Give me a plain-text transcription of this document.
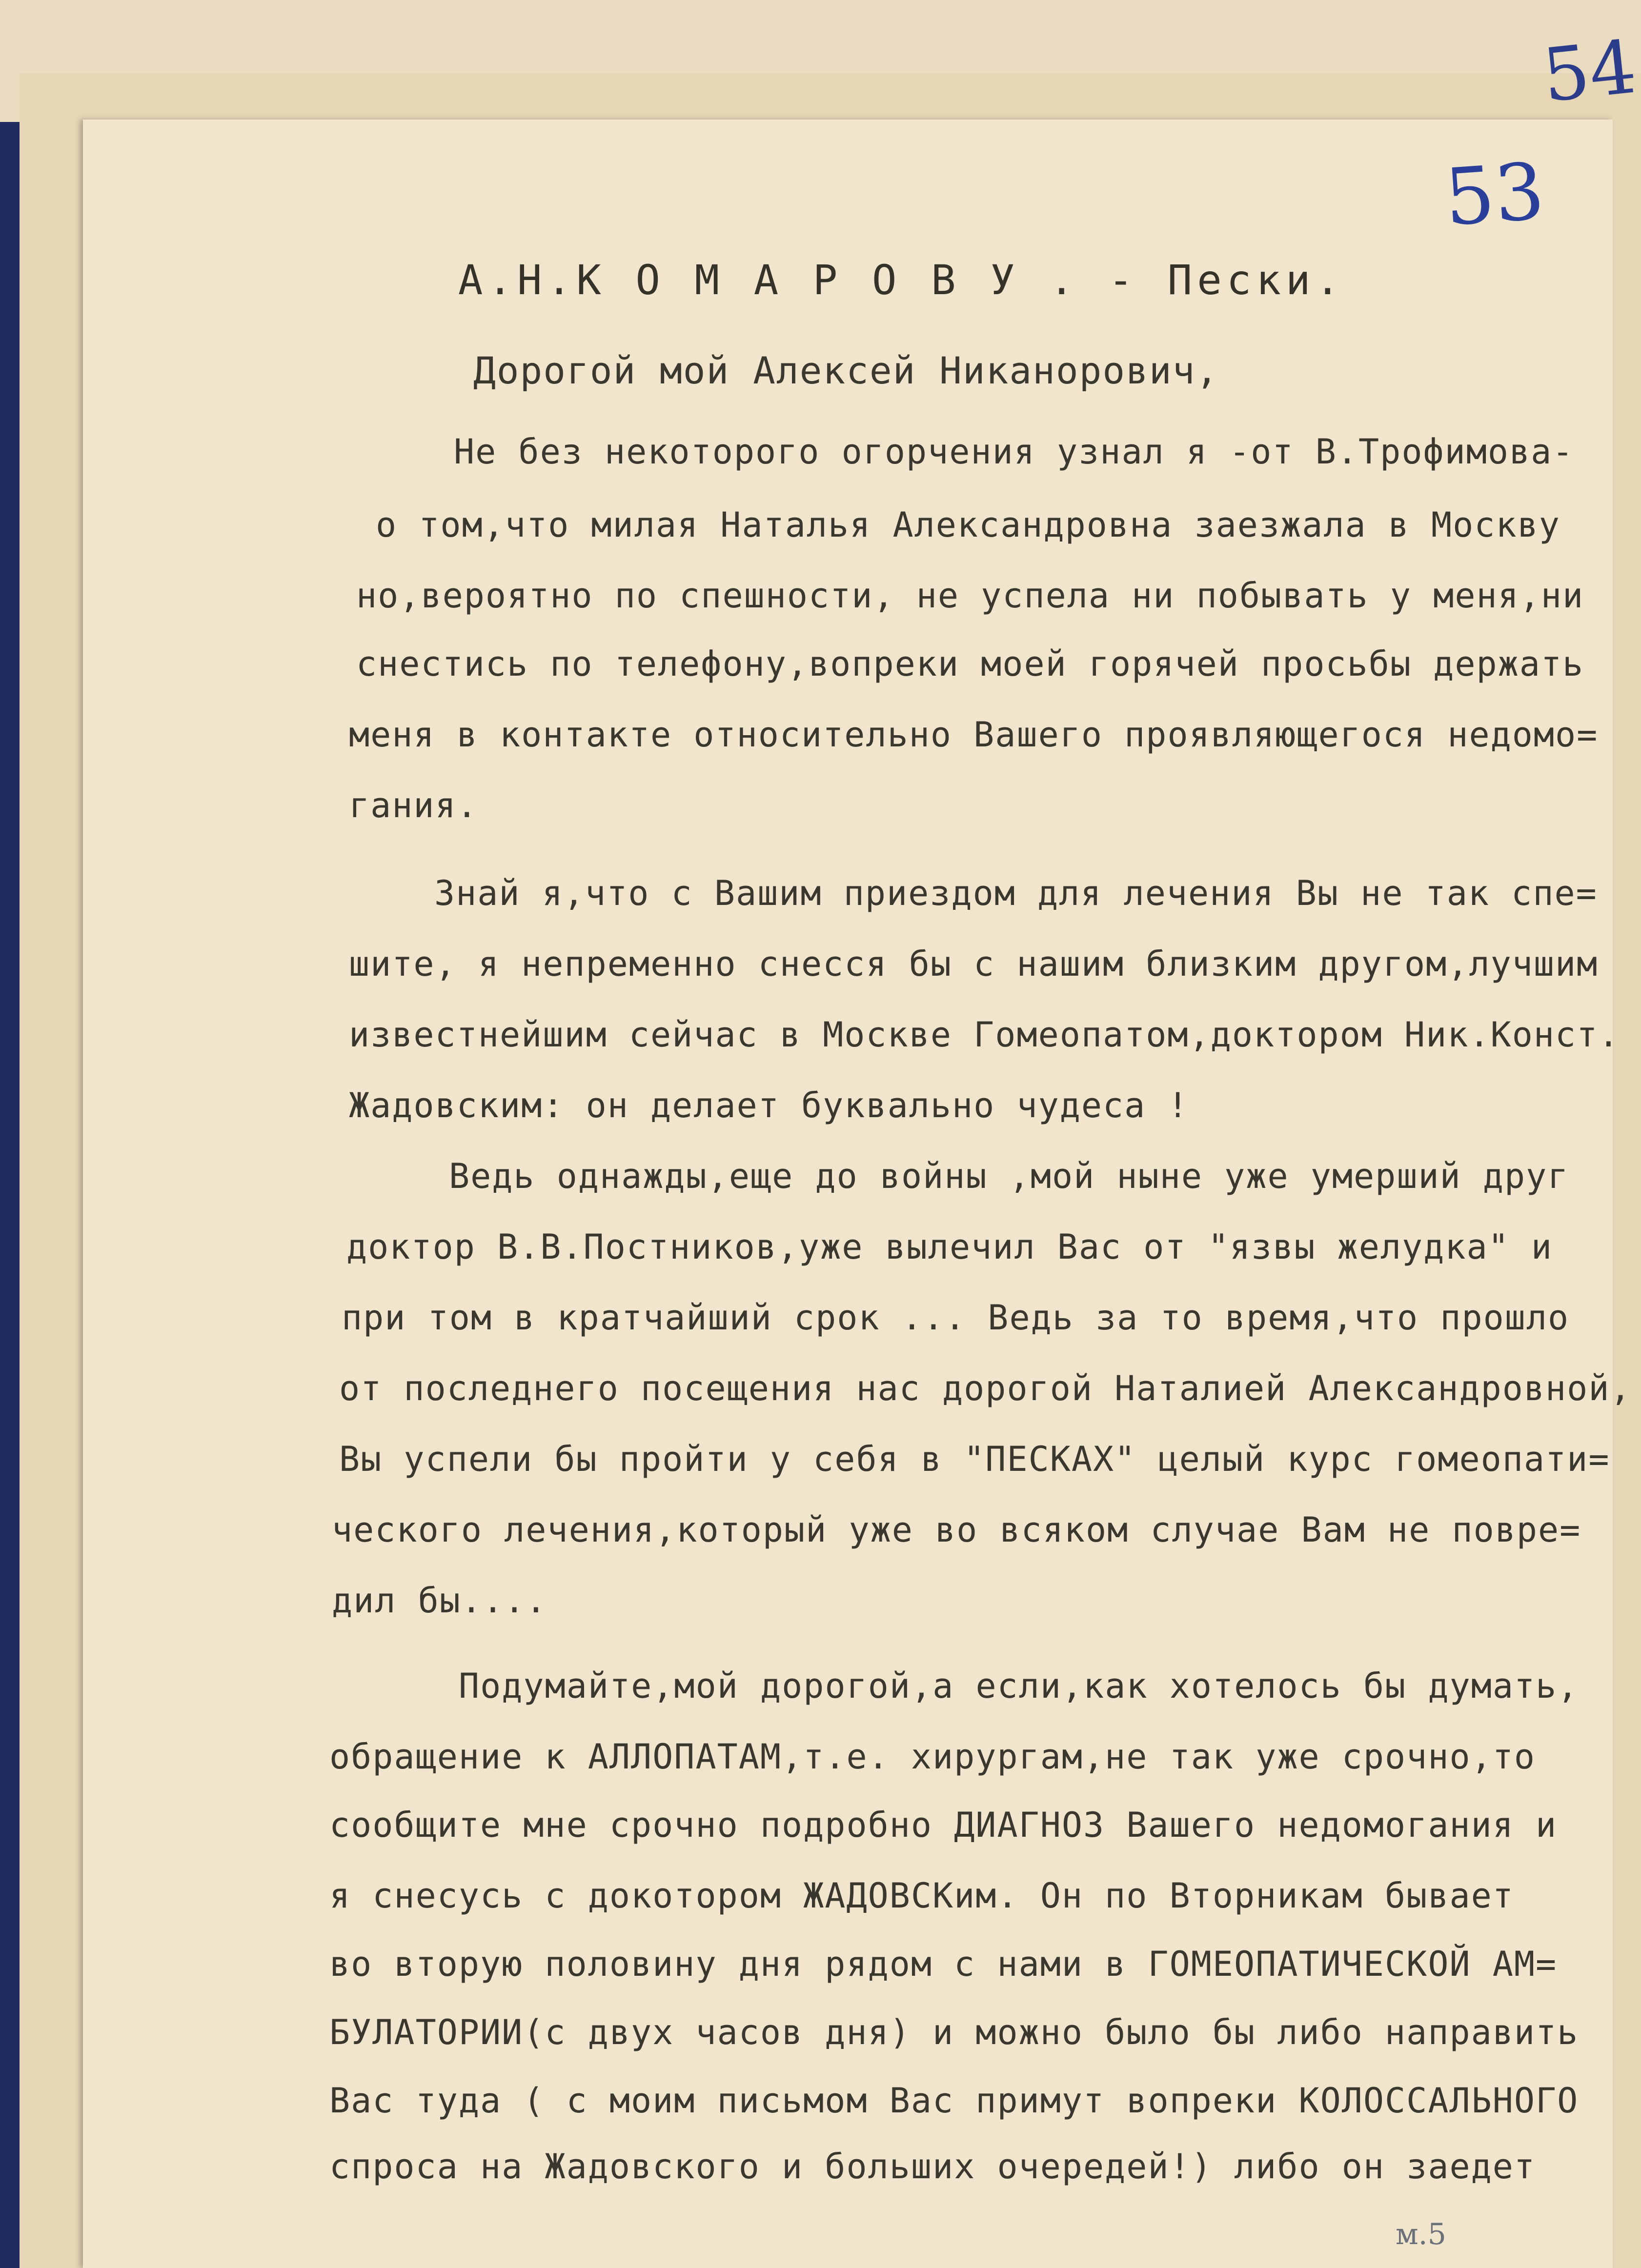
54
53
А.Н.К О М А Р О В У . - Пески.
Дорогой мой Алексей Никанорович,
Не без некоторого огорчения узнал я -от В.Трофимова-
о том,что милая Наталья Александровна заезжала в Москву
но,вероятно по спешности, не успела ни побывать у меня,ни
снестись по телефону,вопреки моей горячей просьбы держать
меня в контакте относительно Вашего проявляющегося недомо=
гания.
Знай я,что с Вашим приездом для лечения Вы не так спе=
шите, я непременно снесся бы с нашим близким другом,лучшим
известнейшим сейчас в Москве Гомеопатом,доктором Ник.Конст.
Жадовским: он делает буквально чудеса !
Ведь однажды,еще до войны ,мой ныне уже умерший друг
доктор В.В.Постников,уже вылечил Вас от "язвы желудка" и
при том в кратчайший срок ... Ведь за то время,что прошло
от последнего посещения нас дорогой Наталией Александровной,
Вы успели бы пройти у себя в "ПЕСКАХ" целый курс гомеопати=
ческого лечения,который уже во всяком случае Вам не повре=
дил бы....
Подумайте,мой дорогой,а если,как хотелось бы думать,
обращение к АЛЛОПАТАМ,т.е. хирургам,не так уже срочно,то
сообщите мне срочно подробно ДИАГНОЗ Вашего недомогания и
я снесусь с докотором ЖАДОВСКим. Он по Вторникам бывает
во вторую половину дня рядом с нами в ГОМЕОПАТИЧЕСКОЙ АМ=
БУЛАТОРИИ(с двух часов дня) и можно было бы либо направить
Вас туда ( с моим письмом Вас примут вопреки КОЛОССАЛЬНОГО
спроса на Жадовского и больших очередей!) либо он заедет
м.5
